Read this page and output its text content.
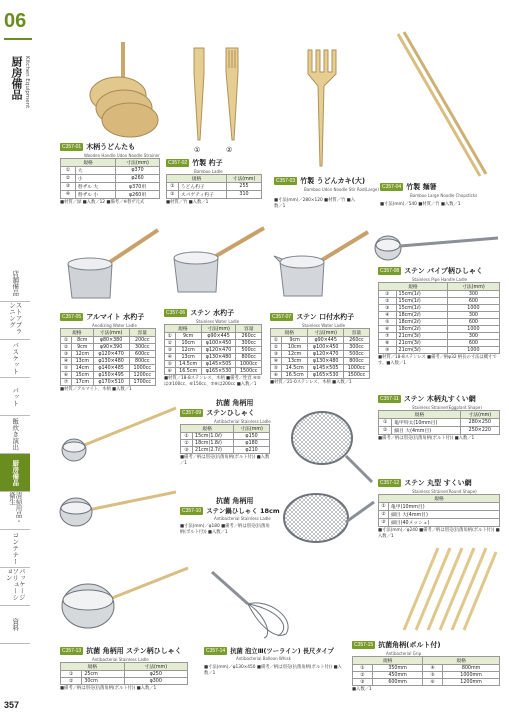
06
厨房備品 Kitchen Equipment
店舗備品
ストアプランニング
バスケット
パット
飯炊き演出
厨房備品
清掃用品・衛生
コンテナー
パッケージソリューション
資料
357
①	②
C357-01 木柄うどんたも
Wooden Handle Udon Noodle Strainer
規格		寸法(mm)
①	大	φ370
②	小	φ260
③	替ザル 大	φ370用
④	替ザル 小	φ260用
■材質／緑 ■入数／12 ■備考／※替ザ元式
C357-02 竹製 杓子
Bamboo Ladle
規格		寸法(mm)
①	うどん杓子	255
②	スパゲティ杓子	310
■材質／竹 ■入数／1
C357-03 竹製 うどんカキ(大)
Bamboo Udon Noodle Stir Rod(Large)
■寸法(mm)／280×120 ■材質／竹 ■入数／1
C357-04 竹製 麺箸
Bamboo Large Noodle Chopsticks
■寸法(mm)／540 ■材質／竹 ■入数／1
C357-05 アルマイト 水杓子
Anodizing Water Ladle
規格		寸法(mm)	容量
①	8cm	φ80×380	200cc
②	9cm	φ90×390	300cc
③	12cm	φ120×470	600cc
④	13cm	φ130×480	800cc
⑤	14cm	φ140×485	1000cc
⑥	15cm	φ150×495	1200cc
⑦	17cm	φ170×510	1700cc
■材質／アルマイト、木柄 ■入数／1
C357-06 ステン 水杓子
Stainless Water Ladle
規格		寸法(mm)	容量
①	9cm	φ90×445	260cc
②	10cm	φ100×450	300cc
③	12cm	φ120×470	500cc
④	13cm	φ130×480	800cc
⑤	14.5cm	φ145×505	1000cc
⑥	16.5cm	φ165×530	1500cc
■材質／18-8ステンレス、木柄 ■備考／性容 ④⑤は③100cc、⑥150cc、⑦⑧は200cc ■入数／1
C357-07 ステン 口付水杓子
Stainless Water Ladle
規格		寸法(mm)	容量
①	9cm	φ90×445	260cc
②	10cm	φ100×450	300cc
③	12cm	φ120×470	500cc
④	13cm	φ130×480	800cc
⑤	14.5cm	φ145×505	1000cc
⑥	16.5cm	φ165×530	1500cc
■材質／21-0ステンレス、木柄 ■入数／1
C357-08 ステン パイプ柄ひしゃく
Stainless Pipe Handle Ladle
規格		寸法(mm)
①	15cm(1ℓ)	300
②	15cm(1ℓ)	600
③	15cm(1ℓ)	1000
④	18cm(2ℓ)	300
⑤	18cm(2ℓ)	600
⑥	18cm(2ℓ)	1000
⑦	21cm(3ℓ)	300
⑧	21cm(3ℓ)	600
⑨	21cm(3ℓ)	1000
■材質／18-8ステンレス ■備考／柄φ32 柄長の寸法は概寸です。■入数／1
抗菌 角柄用
C357-09 ステンひしゃく
Antibacterial Stainless Ladle
規格		寸法(mm)
①	15cm(1.0ℓ)	φ150
②	18cm(1.8ℓ)	φ180
③	21cm(2.7ℓ)	φ210
■備考／柄は別売(抗菌角柄(ボルト付)) ■入数／1
抗菌 角柄用
C357-10 ステン鍋ひしゃく 18cm
Antibacterial Stainless Ladle
■寸法(mm)／φ180 ■備考／柄は別売(抗菌角柄(ボルト付)) ■入数／1
C357-11 ステン 木柄丸すくい網
Stainless Strainer(Eggplant Shape)
規格		寸法(mm)
①	亀甲特太(10mm目)	280×250
②	細目 大(4mm目)	250×220
■備考／柄は別売(抗菌角柄(ボルト付)) ■入数／1
C357-12 ステン 丸型 すくい網
Stainless Strainer(Round Shape)
規格	
①	亀甲(10mm目)
②	細目 大(4mm目)
③	細目(40メッシュ)
■寸法(mm)／φ240 ■備考／柄は別売(抗菌角柄(ボルト付)) ■入数／1
C357-13 抗菌 角柄用 ステン柄ひしゃく
Antibacterial Stainless Ladle
規格		寸法(mm)
①	25cm	φ250
②	30cm	φ300
■備考／柄は別売(抗菌角柄(ボルト付)) ■入数／1
C357-14 抗菌 泡立Ⅲ(ツーライン) 長尺タイプ
Antibacterial Balloon Whisk
■寸法(mm)／φ130×450 ■備考／柄は別売(抗菌角柄(ボルト付)) ■入数／1
C357-15 抗菌角柄(ボルト付)
Antibacterial Grip
規格		規格	
①	350mm	④	800mm
②	450mm	⑤	1000mm
③	600mm	⑥	1200mm
■入数／1
